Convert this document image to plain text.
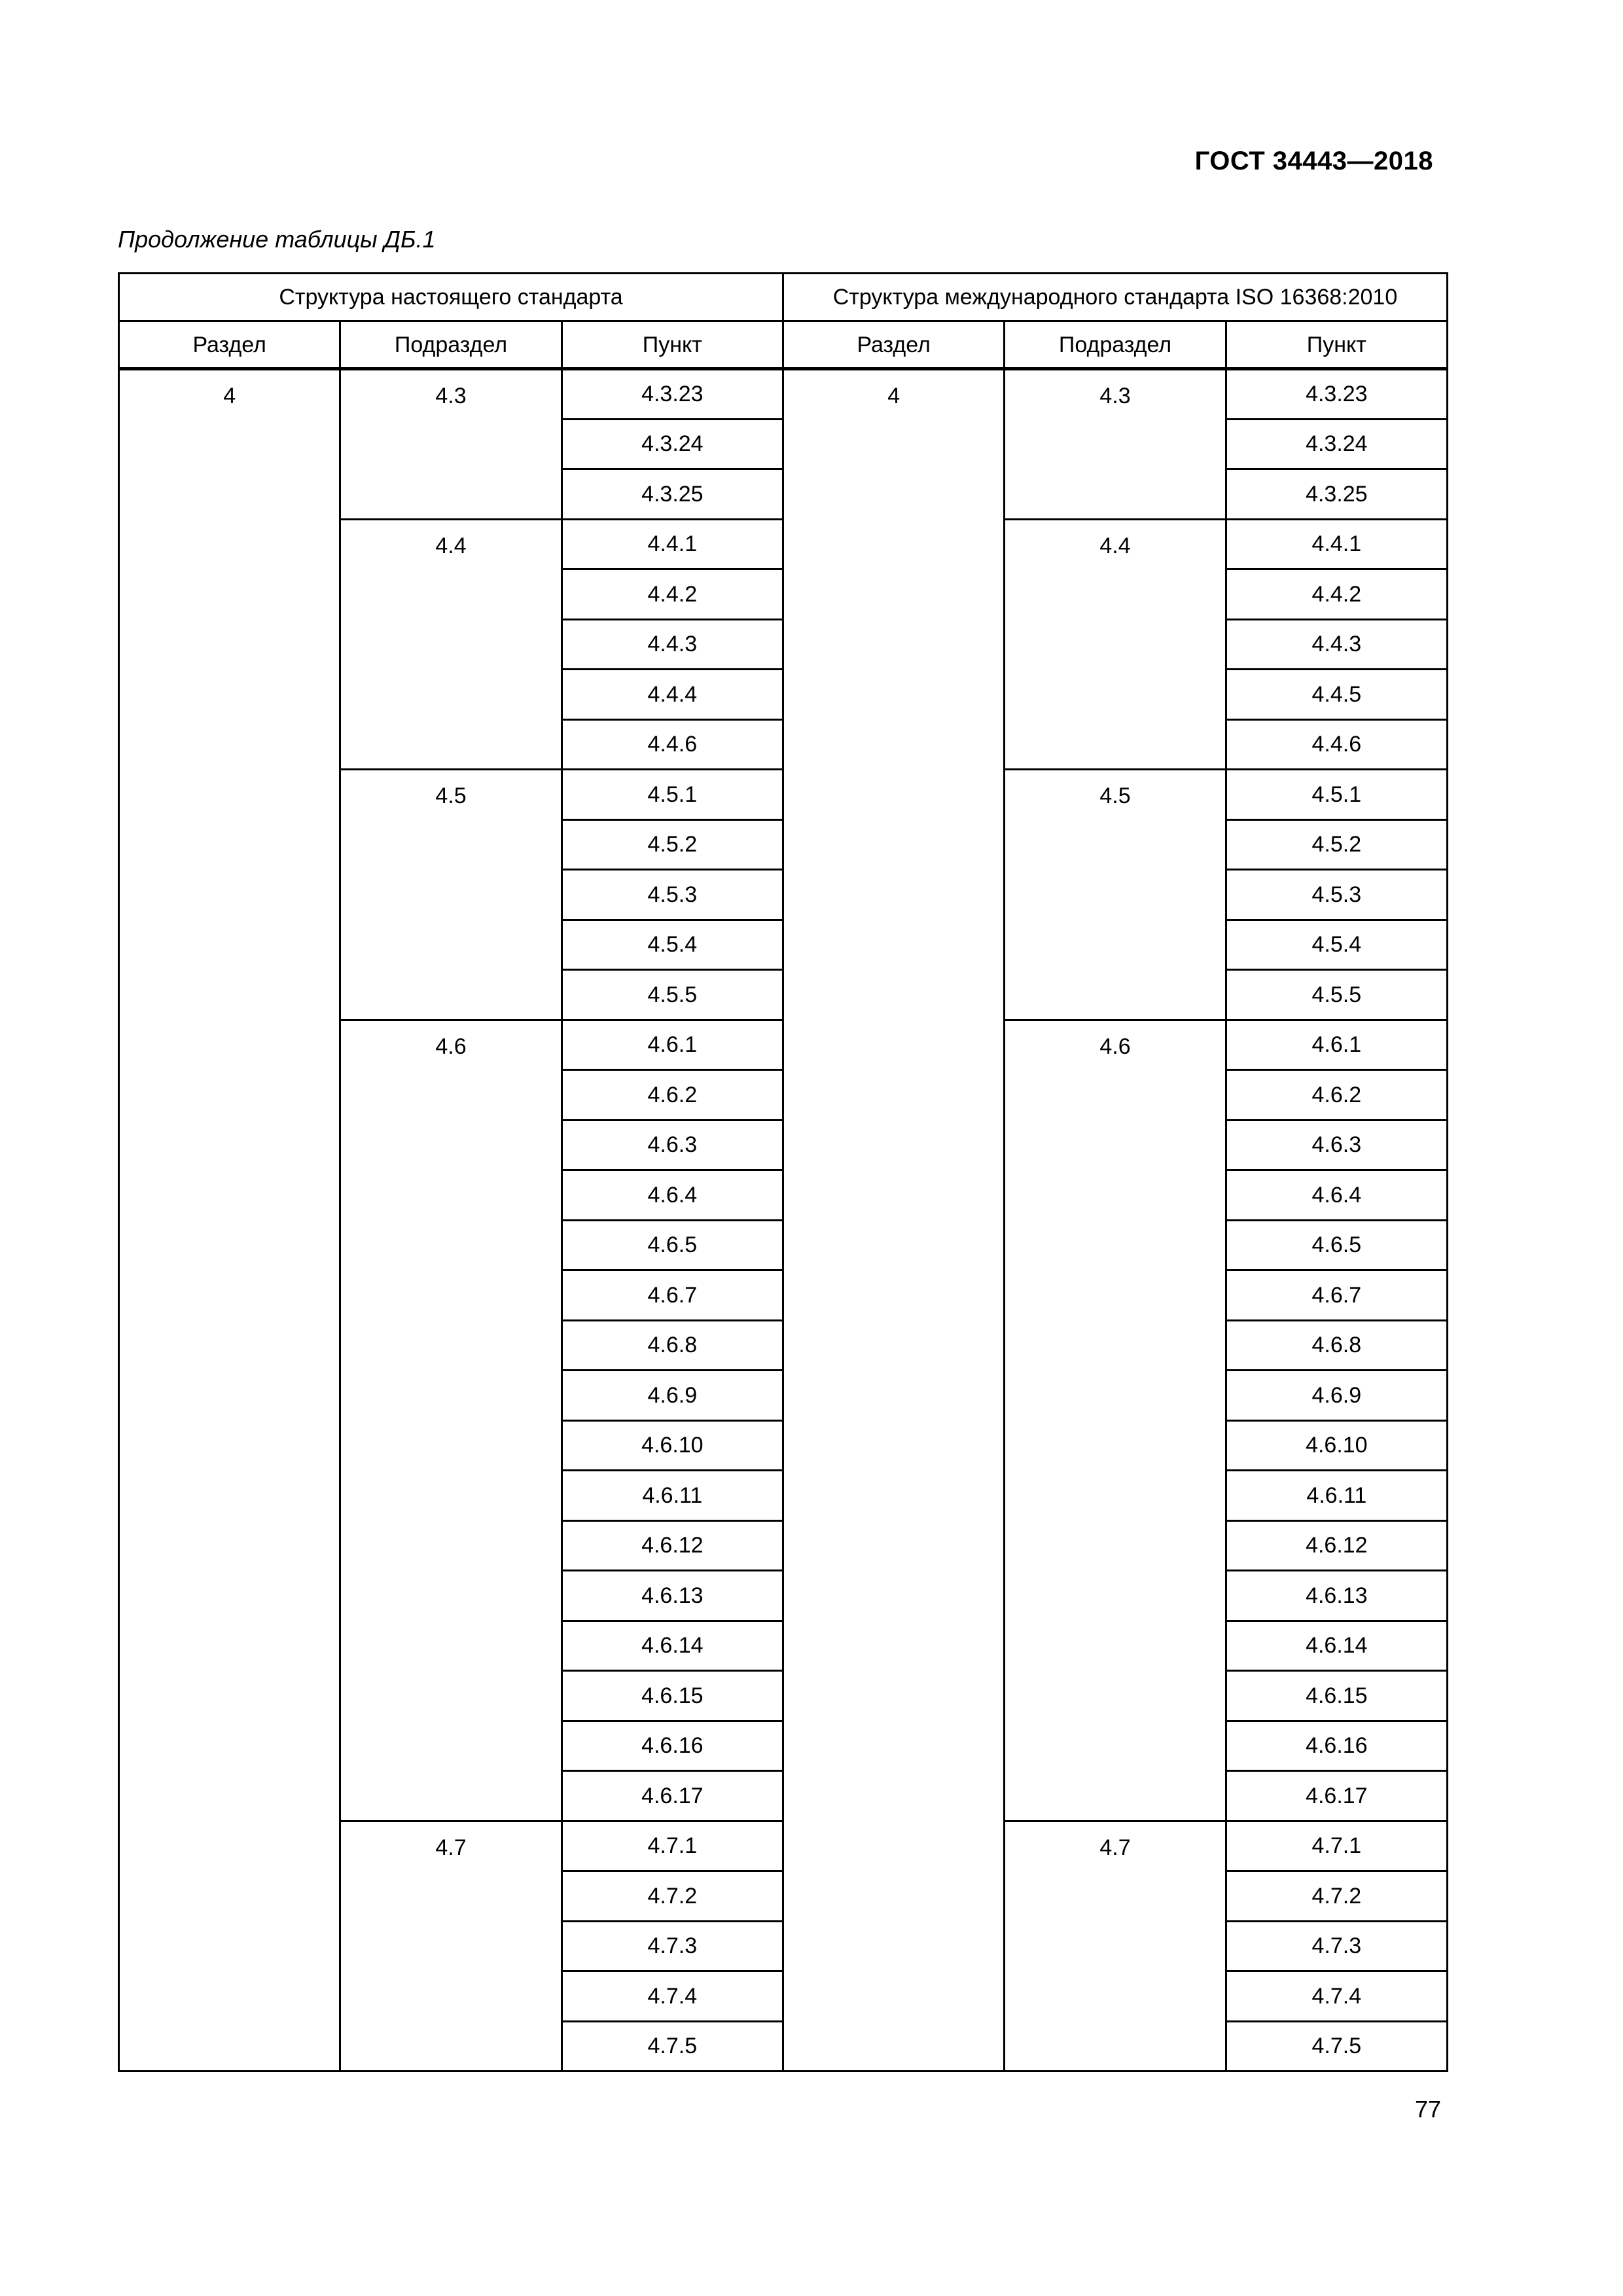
ГОСТ 34443—2018
Продолжение таблицы ДБ.1
Структура настоящего стандарта			Структура международного стандарта ISO 16368:2010		
Раздел	Подраздел	Пункт	Раздел	Подраздел	Пункт
4	4.3	4.3.23	4	4.3	4.3.23
		4.3.24			4.3.24
		4.3.25			4.3.25
	4.4	4.4.1		4.4	4.4.1
		4.4.2			4.4.2
		4.4.3			4.4.3
		4.4.4			4.4.5
		4.4.6			4.4.6
	4.5	4.5.1		4.5	4.5.1
		4.5.2			4.5.2
		4.5.3			4.5.3
		4.5.4			4.5.4
		4.5.5			4.5.5
	4.6	4.6.1		4.6	4.6.1
		4.6.2			4.6.2
		4.6.3			4.6.3
		4.6.4			4.6.4
		4.6.5			4.6.5
		4.6.7			4.6.7
		4.6.8			4.6.8
		4.6.9			4.6.9
		4.6.10			4.6.10
		4.6.11			4.6.11
		4.6.12			4.6.12
		4.6.13			4.6.13
		4.6.14			4.6.14
		4.6.15			4.6.15
		4.6.16			4.6.16
		4.6.17			4.6.17
	4.7	4.7.1		4.7	4.7.1
		4.7.2			4.7.2
		4.7.3			4.7.3
		4.7.4			4.7.4
		4.7.5			4.7.5
77
